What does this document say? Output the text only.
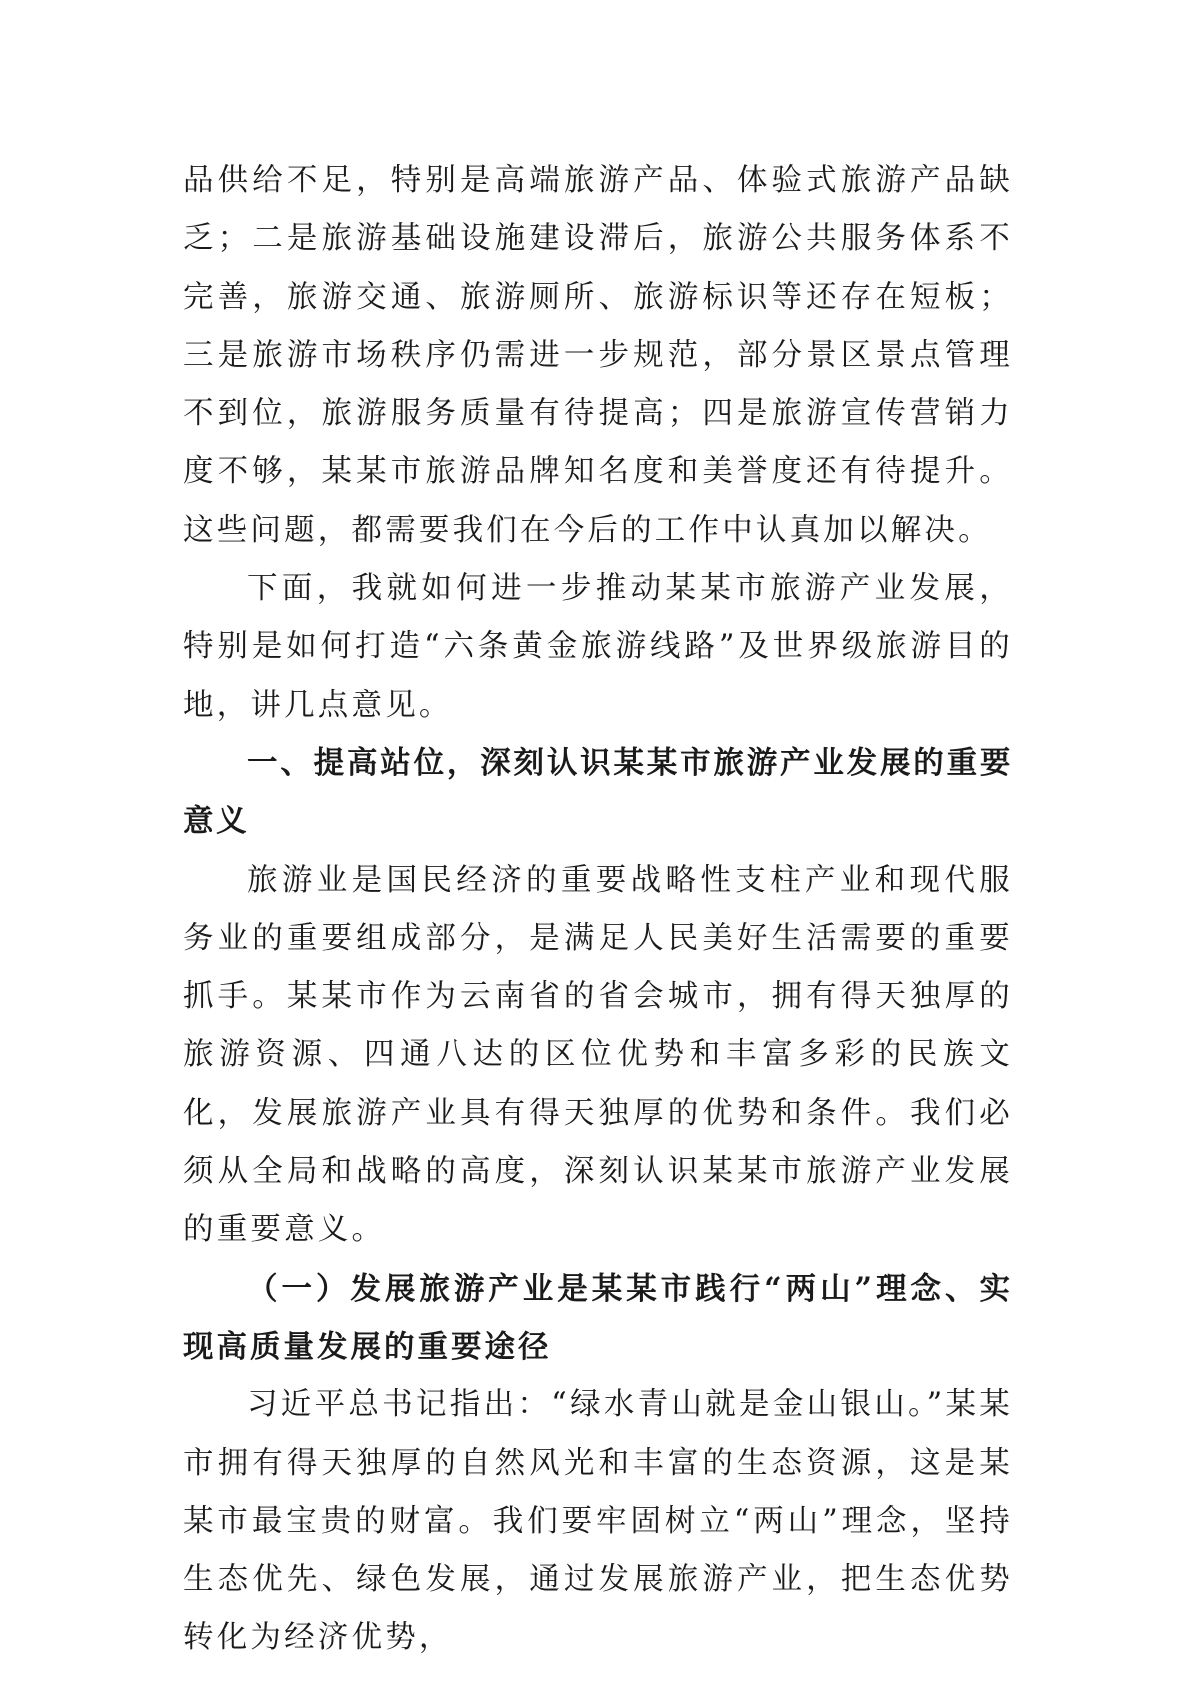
品供给不足，特别是高端旅游产品、体验式旅游产品缺乏；二是旅游基础设施建设滞后，旅游公共服务体系不完善，旅游交通、旅游厕所、旅游标识等还存在短板；三是旅游市场秩序仍需进一步规范，部分景区景点管理不到位，旅游服务质量有待提高；四是旅游宣传营销力度不够，某某市旅游品牌知名度和美誉度还有待提升。这些问题，都需要我们在今后的工作中认真加以解决。

下面，我就如何进一步推动某某市旅游产业发展，特别是如何打造“六条黄金旅游线路”及世界级旅游目的地，讲几点意见。

一、提高站位，深刻认识某某市旅游产业发展的重要意义

旅游业是国民经济的重要战略性支柱产业和现代服务业的重要组成部分，是满足人民美好生活需要的重要抓手。某某市作为云南省的省会城市，拥有得天独厚的旅游资源、四通八达的区位优势和丰富多彩的民族文化，发展旅游产业具有得天独厚的优势和条件。我们必须从全局和战略的高度，深刻认识某某市旅游产业发展的重要意义。

（一）发展旅游产业是某某市践行“两山”理念、实现高质量发展的重要途径

习近平总书记指出：“绿水青山就是金山银山。”某某市拥有得天独厚的自然风光和丰富的生态资源，这是某某市最宝贵的财富。我们要牢固树立“两山”理念，坚持生态优先、绿色发展，通过发展旅游产业，把生态优势转化为经济优势，
